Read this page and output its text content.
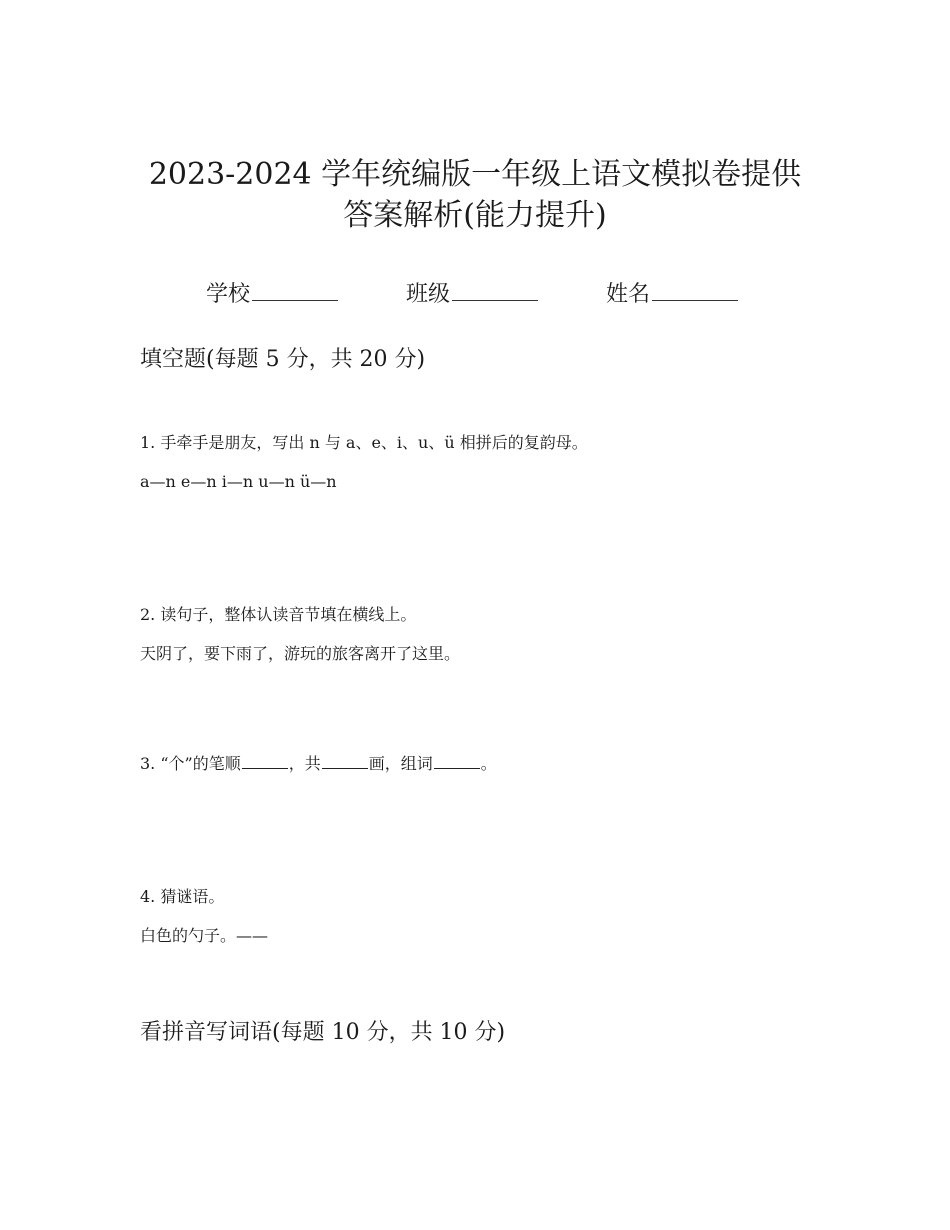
2023-2024 学年统编版一年级上语文模拟卷提供
答案解析(能力提升)
学校	班级	姓名
填空题(每题 5 分，共 20 分)
1. 手牵手是朋友，写出 n 与 a、e、i、u、ü 相拼后的复韵母。
a—n e—n i—n u—n ü—n
2. 读句子，整体认读音节填在横线上。
天阴了，要下雨了，游玩的旅客离开了这里。
3. “个”的笔顺	，共	画，组词	。
4. 猜谜语。
白色的勺子。——
看拼音写词语(每题 10 分，共 10 分)
